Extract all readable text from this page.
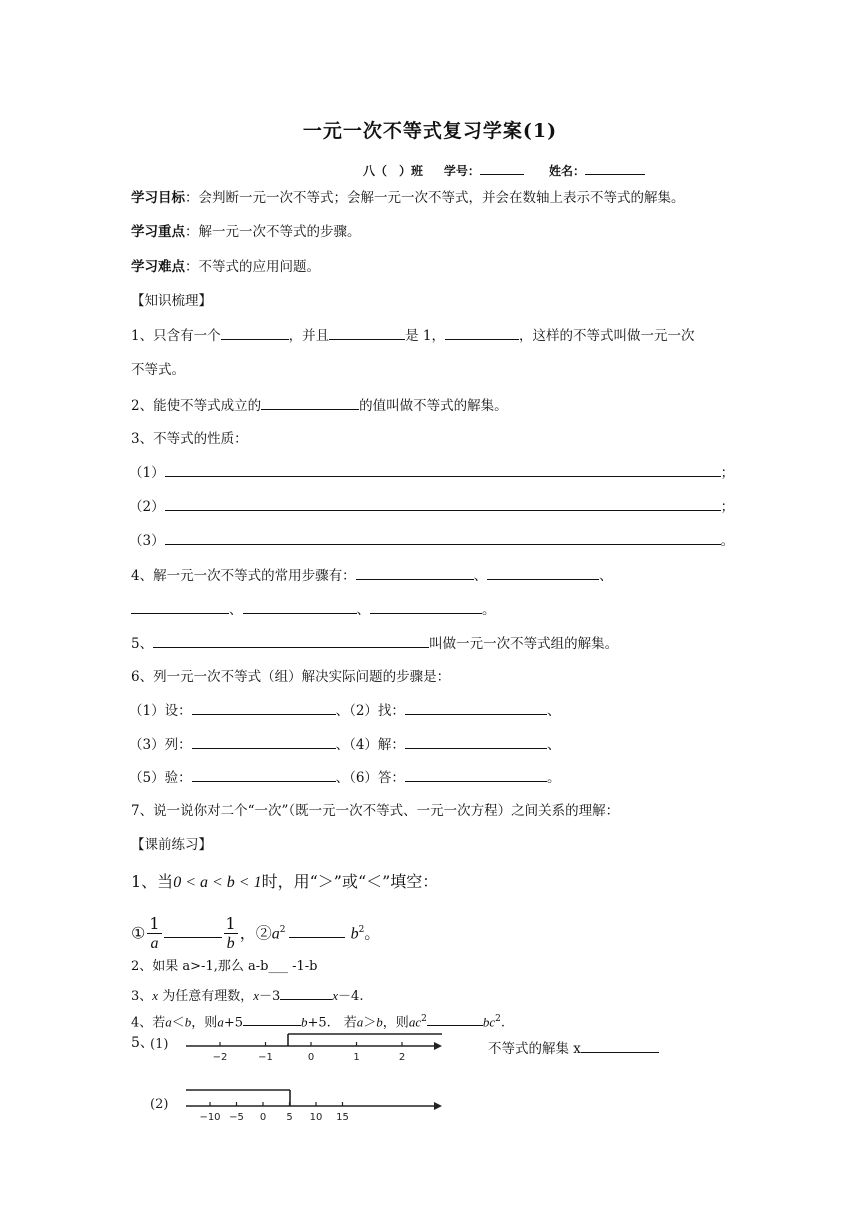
一元一次不等式复习学案(1)
八（　）班 学号：	姓名：
学习目标：会判断一元一次不等式；会解一元一次不等式，并会在数轴上表示不等式的解集。
学习重点：解一元一次不等式的步骤。
学习难点：不等式的应用问题。
【知识梳理】
1、只含有一个	，并且	是 1，	，这样的不等式叫做一元一次
不等式。
2、能使不等式成立的	的值叫做不等式的解集。
3、不等式的性质：
（1）	；
（2）	；
（3）	。
4、解一元一次不等式的常用步骤有：	、	、
、	、	。
5、	叫做一元一次不等式组的解集。
6、列一元一次不等式（组）解决实际问题的步骤是：
（1）设：	、（2）找：	、
（3）列：	、（4）解：	、
（5）验：	、（6）答：	。
7、说一说你对二个“一次”（既一元一次不等式、一元一次方程）之间关系的理解：
【课前练习】
1、当0 < a < b < 1时，用“＞”或“＜”填空：
① $\frac{1}{a}$	$\frac{1}{b}$ ，$②a^2$	$b^2$。
2、如果 a>-1,那么 a-b___ -1-b
3、x 为任意有理数，x－3	x－4.
4、若a＜b，则a+5	b+5.　若a＞b，则$ac^2$	$bc^2$.
5、
(1)
−2	−1	0	1	2
不等式的解集 x
(2)
−10 −5 0 5 10 15
